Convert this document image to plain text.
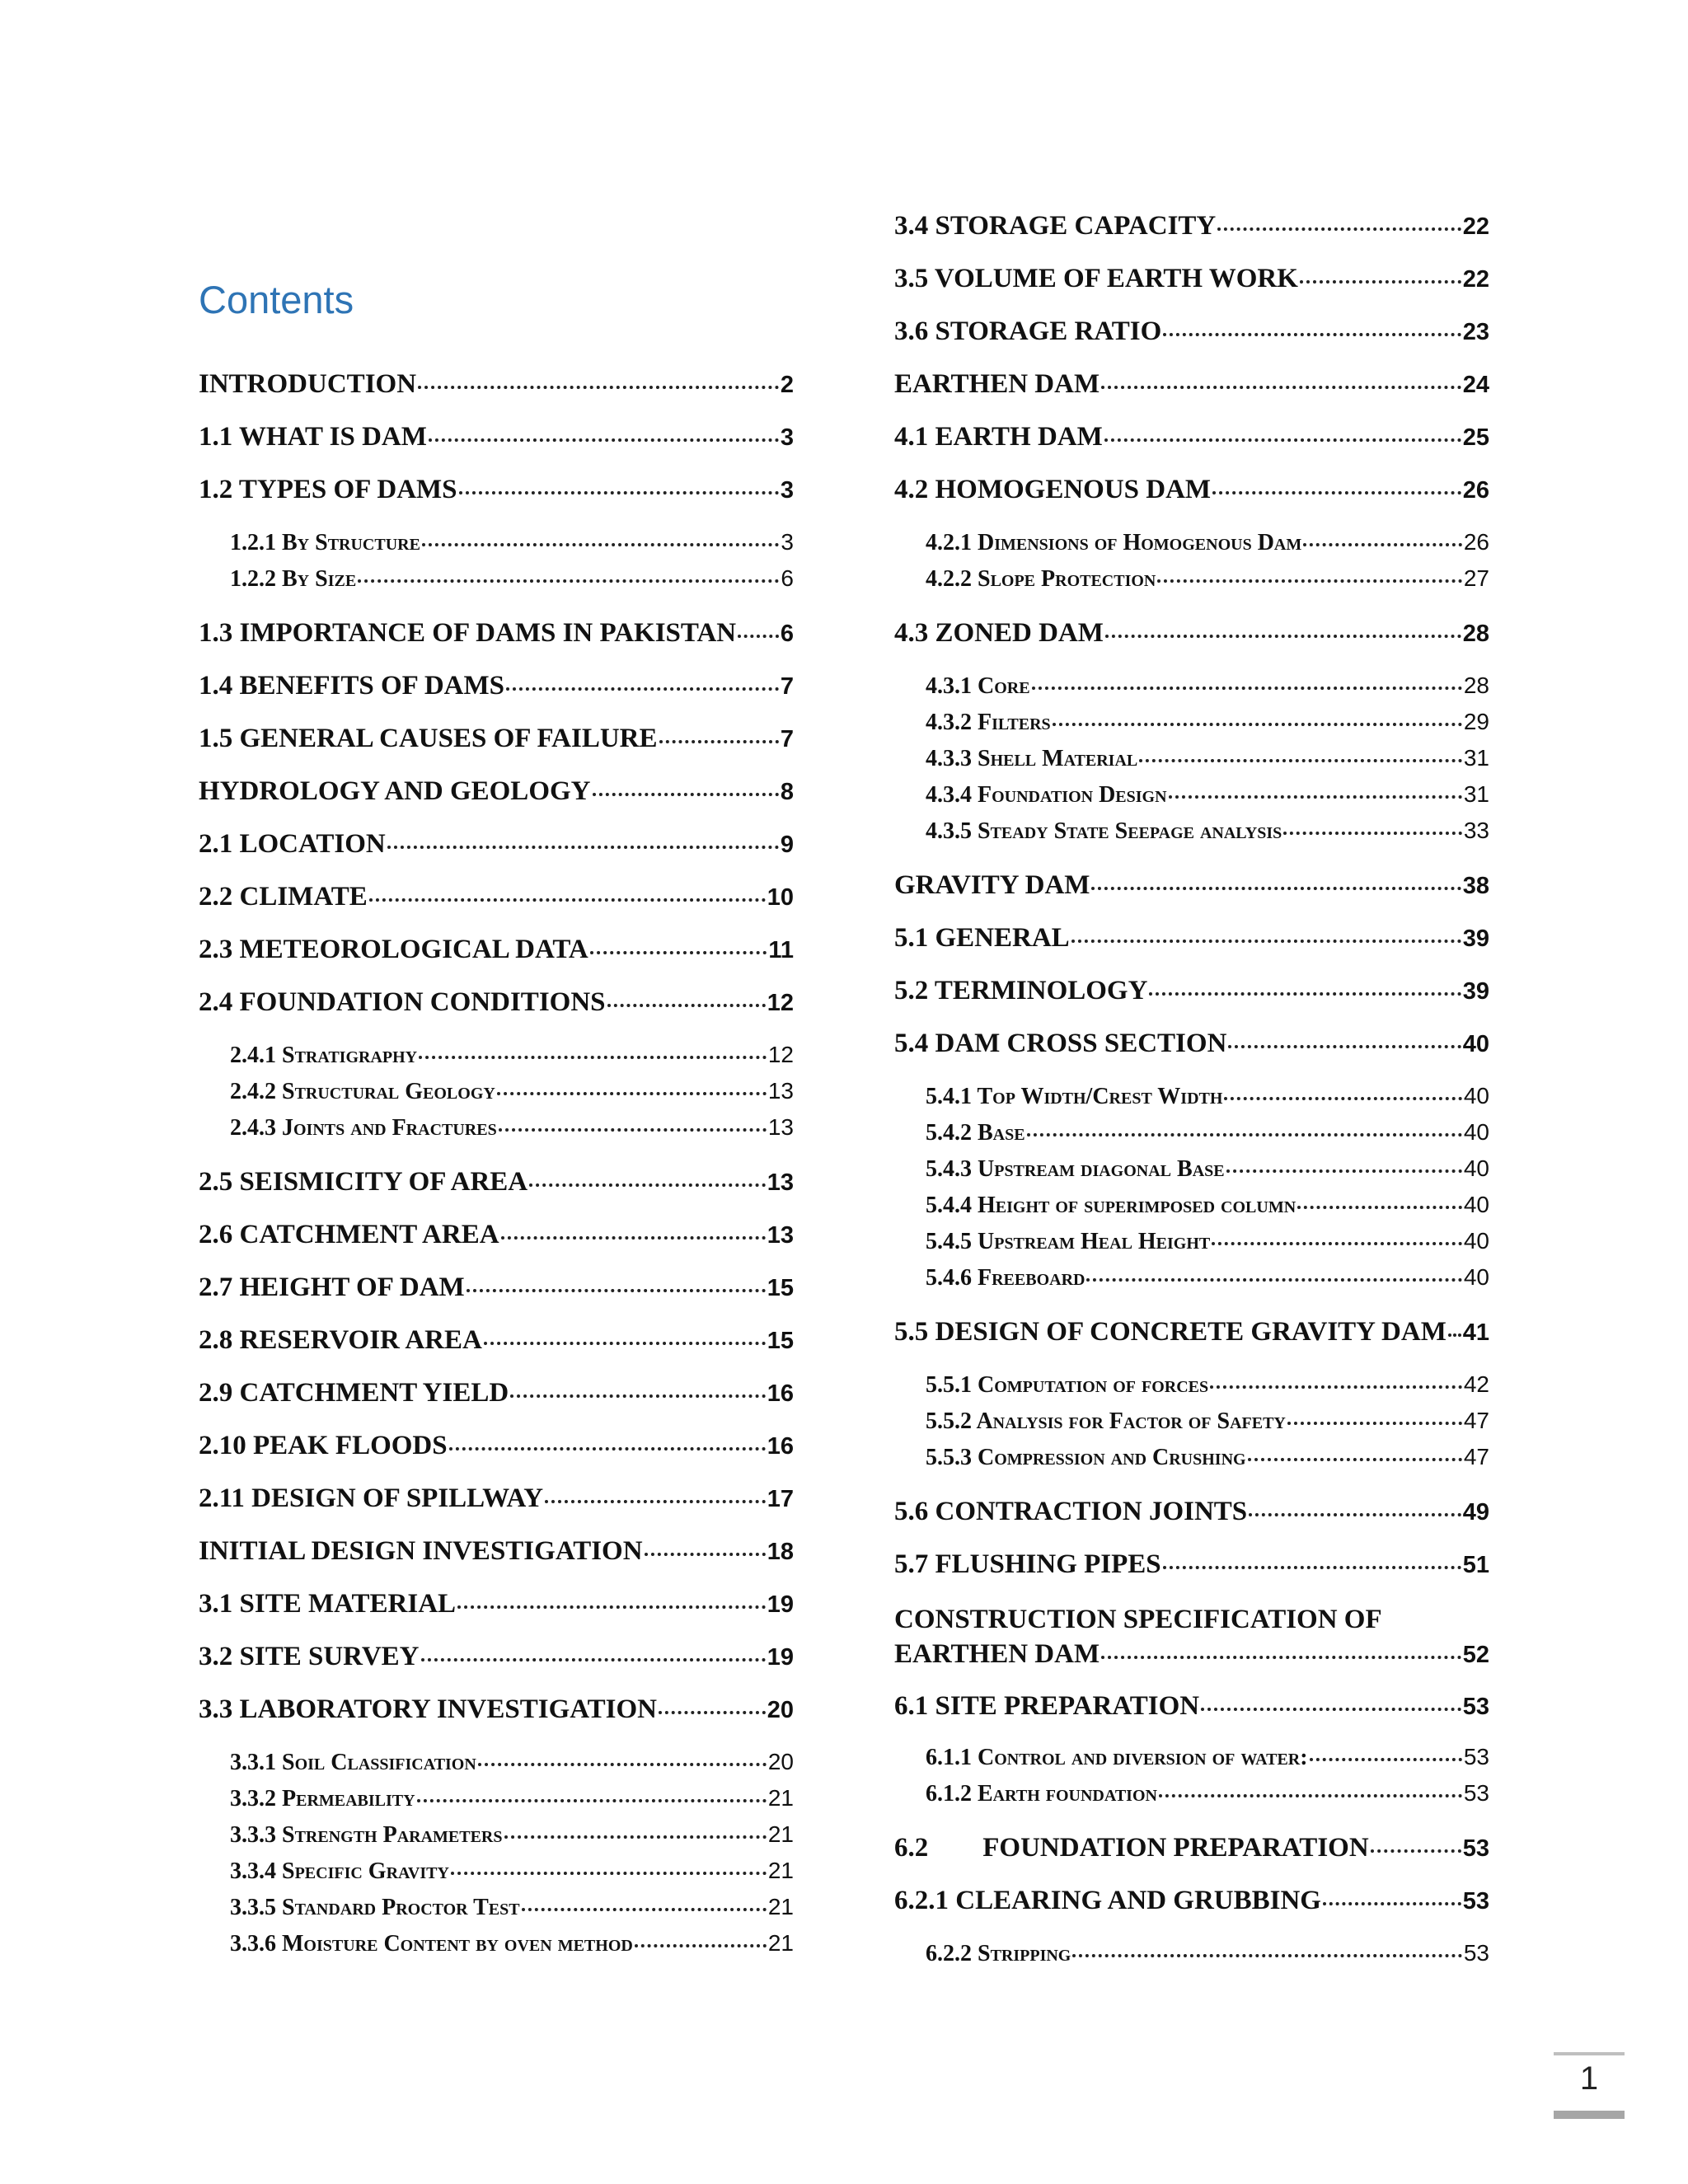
Contents
INTRODUCTION	2
1.1 WHAT IS DAM	3
1.2 TYPES OF DAMS	3
1.2.1 By Structure	3
1.2.2 By Size	6
1.3 IMPORTANCE OF DAMS IN PAKISTAN 6
1.4 BENEFITS OF DAMS	7
1.5 GENERAL CAUSES OF FAILURE	7
HYDROLOGY AND GEOLOGY	8
2.1 LOCATION	9
2.2 CLIMATE	10
2.3 METEOROLOGICAL DATA	11
2.4 FOUNDATION CONDITIONS	12
2.4.1 Stratigraphy	12
2.4.2 Structural Geology	13
2.4.3 Joints and Fractures	13
2.5 SEISMICITY OF AREA	13
2.6 CATCHMENT AREA	13
2.7 HEIGHT OF DAM	15
2.8 RESERVOIR AREA	15
2.9 CATCHMENT YIELD	16
2.10 PEAK FLOODS	16
2.11 DESIGN OF SPILLWAY	17
INITIAL DESIGN INVESTIGATION	18
3.1 SITE MATERIAL	19
3.2 SITE SURVEY	19
3.3 LABORATORY INVESTIGATION	20
3.3.1 Soil Classification	20
3.3.2 Permeability	21
3.3.3 Strength Parameters	21
3.3.4 Specific Gravity	21
3.3.5 Standard Proctor Test	21
3.3.6 Moisture Content by oven method	21
3.4 STORAGE CAPACITY	22
3.5 VOLUME OF EARTH WORK	22
3.6 STORAGE RATIO	23
EARTHEN DAM	24
4.1 EARTH DAM	25
4.2 HOMOGENOUS DAM	26
4.2.1 Dimensions of Homogenous Dam	26
4.2.2 Slope Protection	27
4.3 ZONED DAM	28
4.3.1 Core	28
4.3.2 Filters	29
4.3.3 Shell Material	31
4.3.4 Foundation Design	31
4.3.5 Steady State Seepage analysis	33
GRAVITY DAM	38
5.1 GENERAL	39
5.2 TERMINOLOGY	39
5.4 DAM CROSS SECTION	40
5.4.1 Top Width/Crest Width	40
5.4.2 Base	40
5.4.3 Upstream diagonal Base	40
5.4.4 Height of superimposed column	40
5.4.5 Upstream Heal Height	40
5.4.6 Freeboard	40
5.5 DESIGN OF CONCRETE GRAVITY DAM 41
5.5.1 Computation of forces	42
5.5.2 Analysis for Factor of Safety	47
5.5.3 Compression and Crushing	47
5.6 CONTRACTION JOINTS	49
5.7 FLUSHING PIPES	51
CONSTRUCTION SPECIFICATION OF
EARTHEN DAM	52
6.1 SITE PREPARATION	53
6.1.1 Control and diversion of water:	53
6.1.2 Earth foundation	53
6.2  FOUNDATION PREPARATION	53
6.2.1 CLEARING AND GRUBBING	53
6.2.2 Stripping	53
1
